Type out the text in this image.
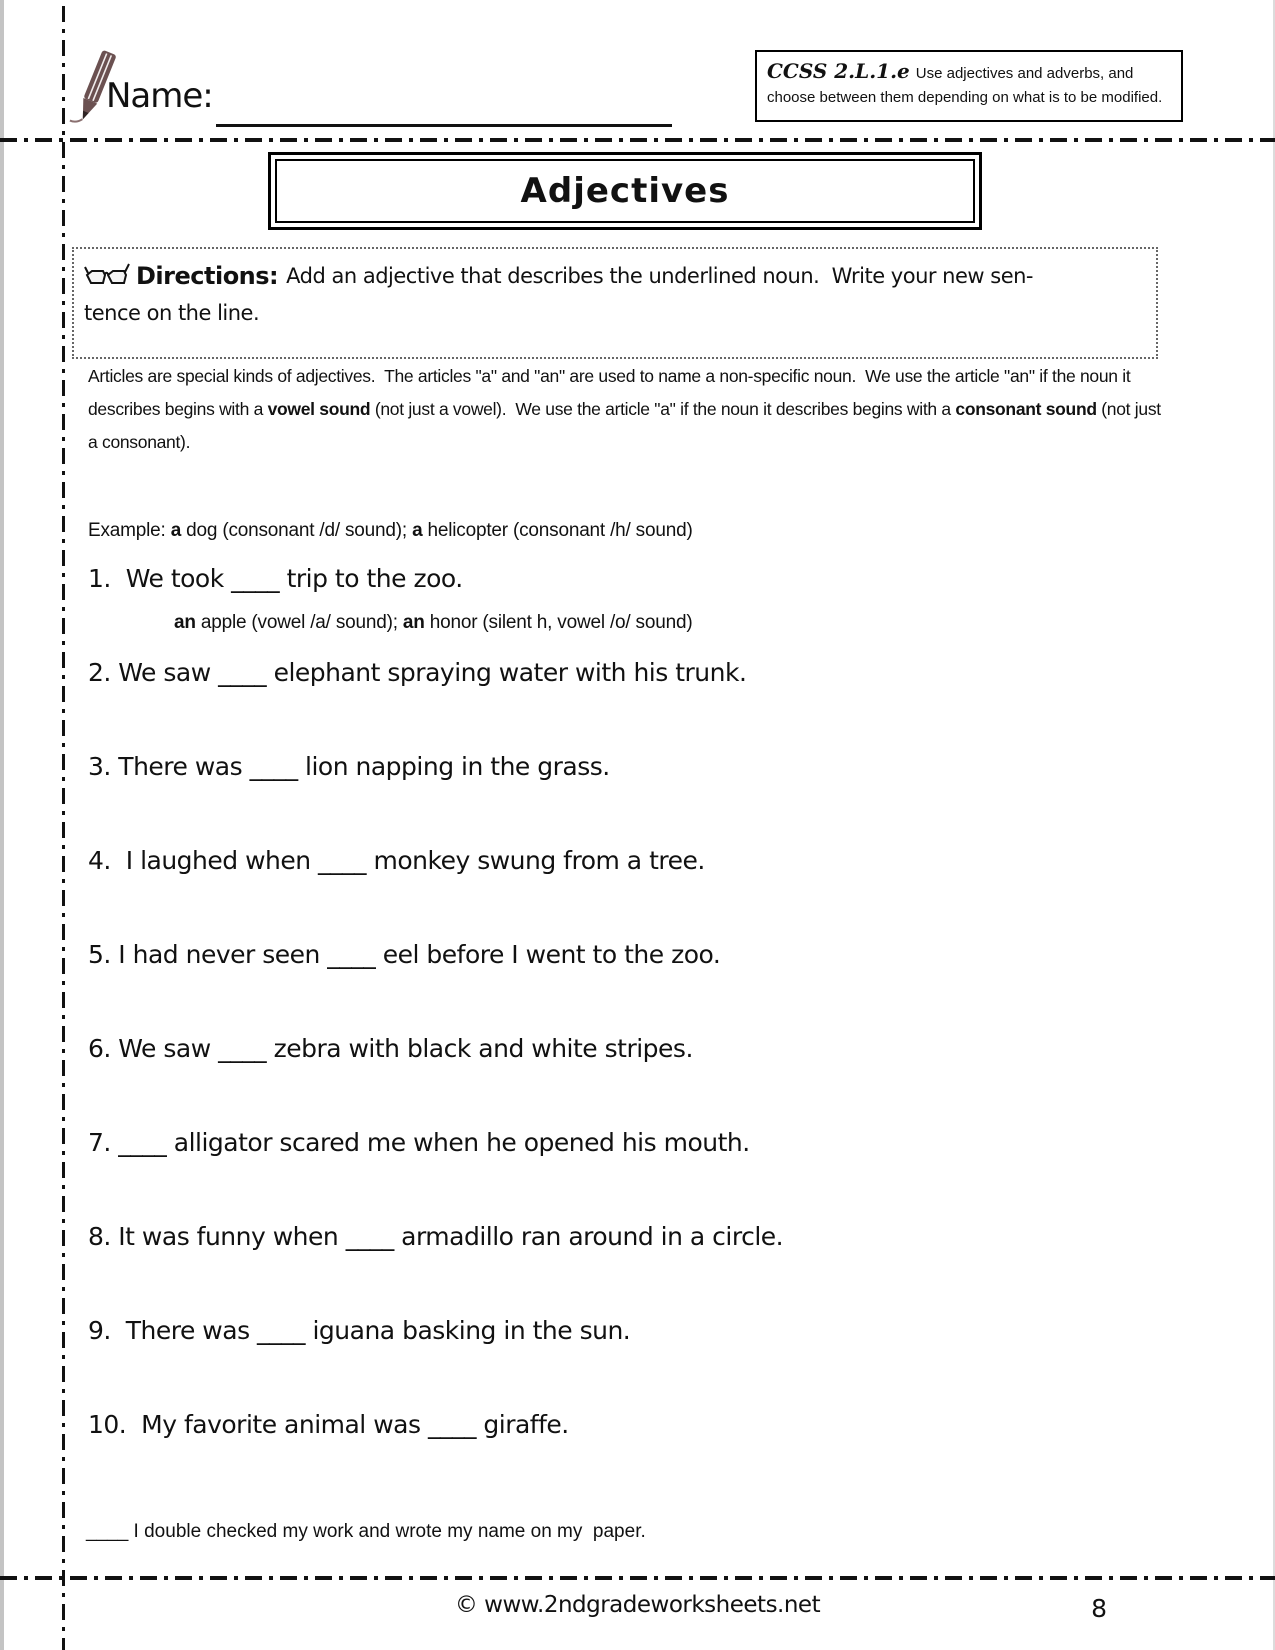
Name:
CCSS 2.L.1.e Use adjectives and adverbs, and choose between them depending on what is to be modified.
Adjectives
Directions: Add an adjective that describes the underlined noun.  Write your new sen-
tence on the line.
Articles are special kinds of adjectives.  The articles "a" and "an" are used to name a non-specific noun.  We use the article "an" if the noun it describes begins with a vowel sound (not just a vowel).  We use the article "a" if the noun it describes begins with a consonant sound (not just a consonant).

Example: a dog (consonant /d/ sound); a helicopter (consonant /h/ sound)

an apple (vowel /a/ sound); an honor (silent h, vowel /o/ sound)

1.  We took ____ trip to the zoo.
2. We saw ____ elephant spraying water with his trunk.
3. There was ____ lion napping in the grass.
4.  I laughed when ____ monkey swung from a tree.
5. I had never seen ____ eel before I went to the zoo.
6. We saw ____ zebra with black and white stripes.
7. ____ alligator scared me when he opened his mouth.
8. It was funny when ____ armadillo ran around in a circle.
9.  There was ____ iguana basking in the sun.
10.  My favorite animal was ____ giraffe.
____ I double checked my work and wrote my name on my  paper.
© www.2ndgradeworksheets.net	8
